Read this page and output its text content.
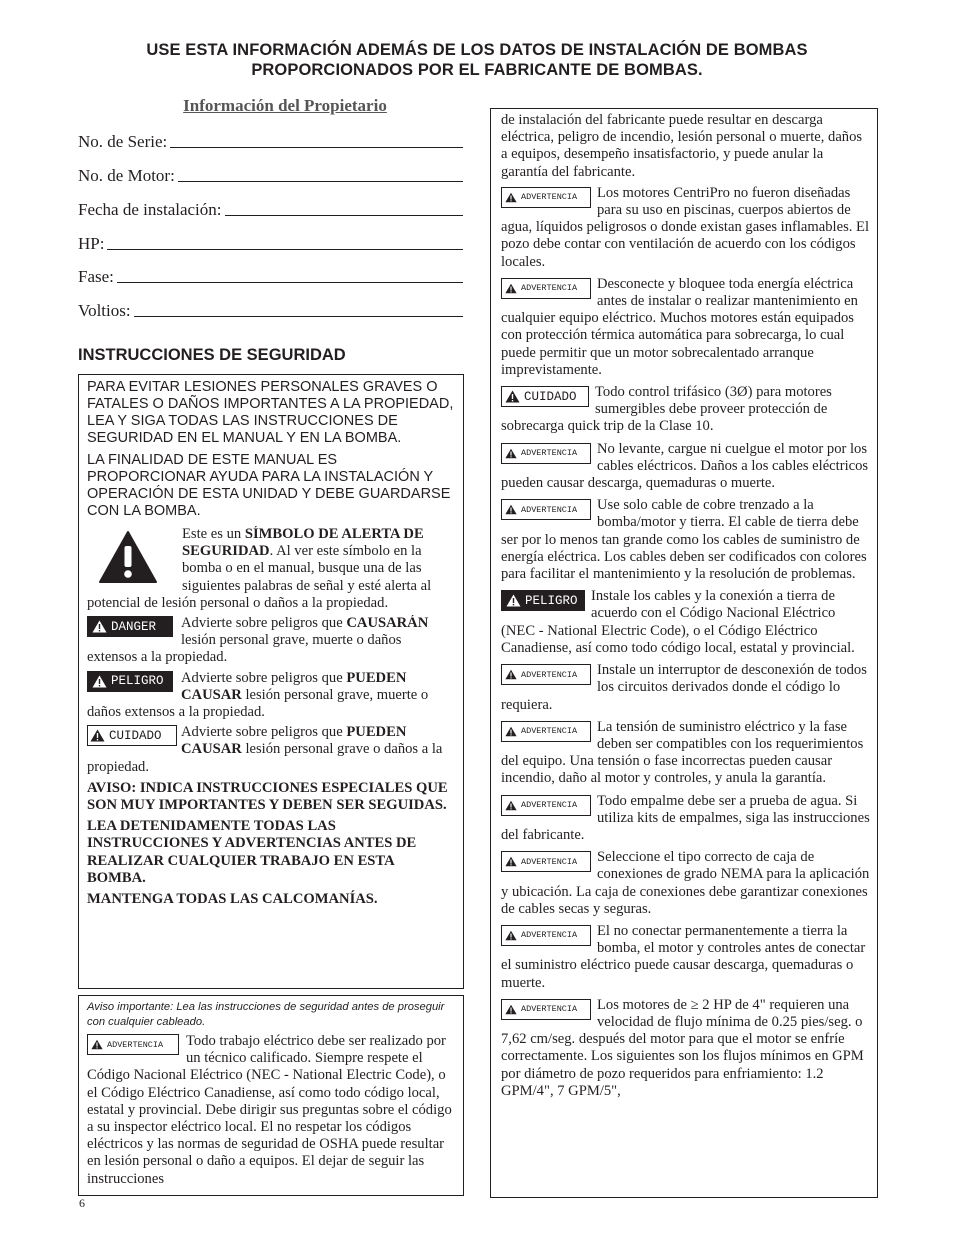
USE ESTA INFORMACIÓN ADEMÁS DE LOS DATOS DE INSTALACIÓN DE BOMBAS
PROPORCIONADOS POR EL FABRICANTE DE BOMBAS.
Información del Propietario
No. de Serie:
No. de Motor:
Fecha de instalación:
HP:
Fase:
Voltios:
INSTRUCCIONES DE SEGURIDAD
PARA EVITAR LESIONES PERSONALES GRAVES O FATALES O DAÑOS IMPORTANTES A LA PROPIEDAD, LEA Y SIGA TODAS LAS INSTRUCCIONES DE SEGURIDAD EN EL MANUAL Y EN LA BOMBA.
LA FINALIDAD DE ESTE MANUAL ES PROPORCIONAR AYUDA PARA LA INSTALACIÓN Y OPERACIÓN DE ESTA UNIDAD Y DEBE GUARDARSE CON LA BOMBA.
Este es un SÍMBOLO DE ALERTA DE SEGURIDAD. Al ver este símbolo en la bomba o en el manual, busque una de las siguientes palabras de señal y esté alerta al potencial de lesión personal o daños a la propiedad.
DANGER	Advierte sobre peligros que CAUSARÁN lesión personal grave, muerte o daños extensos a la propiedad.
PELIGRO	Advierte sobre peligros que PUEDEN CAUSAR lesión personal grave, muerte o daños extensos a la propiedad.
CUIDADO	Advierte sobre peligros que PUEDEN CAUSAR lesión personal grave o daños a la propiedad.
AVISO: INDICA INSTRUCCIONES ESPECIALES QUE SON MUY IMPORTANTES Y DEBEN SER SEGUIDAS.
LEA DETENIDAMENTE TODAS LAS INSTRUCCIONES Y ADVERTENCIAS ANTES DE REALIZAR CUALQUIER TRABAJO EN ESTA BOMBA.
MANTENGA TODAS LAS CALCOMANÍAS.
Aviso importante: Lea las instrucciones de seguridad antes de proseguir con cualquier cableado.
ADVERTENCIA	Todo trabajo eléctrico debe ser realizado por un técnico calificado. Siempre respete el Código Nacional Eléctrico (NEC - National Electric Code), o el Código Eléctrico Canadiense, así como todo código local, estatal y provincial. Debe dirigir sus preguntas sobre el código a su inspector eléctrico local. El no respetar los códigos eléctricos y las normas de seguridad de OSHA puede resultar en lesión personal o daño a equipos. El dejar de seguir las instrucciones
de instalación del fabricante puede resultar en descarga eléctrica, peligro de incendio, lesión personal o muerte, daños a equipos, desempeño insatisfactorio, y puede anular la garantía del fabricante.
ADVERTENCIA	Los motores CentriPro no fueron diseñadas para su uso en piscinas, cuerpos abiertos de agua, líquidos peligrosos o donde existan gases inflamables. El pozo debe contar con ventilación de acuerdo con los códigos locales.
ADVERTENCIA	Desconecte y bloquee toda energía eléctrica antes de instalar o realizar mantenimiento en cualquier equipo eléctrico. Muchos motores están equipados con protección térmica automática para sobrecarga, lo cual puede permitir que un motor sobrecalentado arranque imprevistamente.
CUIDADO	Todo control trifásico (3Ø) para motores sumergibles debe proveer protección de sobrecarga quick trip de la Clase 10.
ADVERTENCIA	No levante, cargue ni cuelgue el motor por los cables eléctricos. Daños a los cables eléctricos pueden causar descarga, quemaduras o muerte.
ADVERTENCIA	Use solo cable de cobre trenzado a la bomba/motor y tierra. El cable de tierra debe ser por lo menos tan grande como los cables de suministro de energía eléctrica. Los cables deben ser codificados con colores para facilitar el mantenimiento y la resolución de problemas.
PELIGRO Instale los cables y la conexión a tierra de acuerdo con el Código Nacional Eléctrico (NEC - National Electric Code), o el Código Eléctrico Canadiense, así como todo código local, estatal y provincial.
ADVERTENCIA	Instale un interruptor de desconexión de todos los circuitos derivados donde el código lo requiera.
ADVERTENCIA	La tensión de suministro eléctrico y la fase deben ser compatibles con los requerimientos del equipo. Una tensión o fase incorrectas pueden causar incendio, daño al motor y controles, y anula la garantía.
ADVERTENCIA	Todo empalme debe ser a prueba de agua. Si utiliza kits de empalmes, siga las instrucciones del fabricante.
ADVERTENCIA	Seleccione el tipo correcto de caja de conexiones de grado NEMA para la aplicación y ubicación. La caja de conexiones debe garantizar conexiones de cables secas y seguras.
ADVERTENCIA	El no conectar permanentemente a tierra la bomba, el motor y controles antes de conectar el suministro eléctrico puede causar descarga, quemaduras o muerte.
ADVERTENCIA	Los motores de ≥ 2 HP de 4" requieren una velocidad de flujo mínima de 0.25 pies/seg. o 7,62 cm/seg. después del motor para que el motor se enfríe correctamente. Los siguientes son los flujos mínimos en GPM por diámetro de pozo requeridos para enfriamiento: 1.2 GPM/4", 7 GPM/5",
6
